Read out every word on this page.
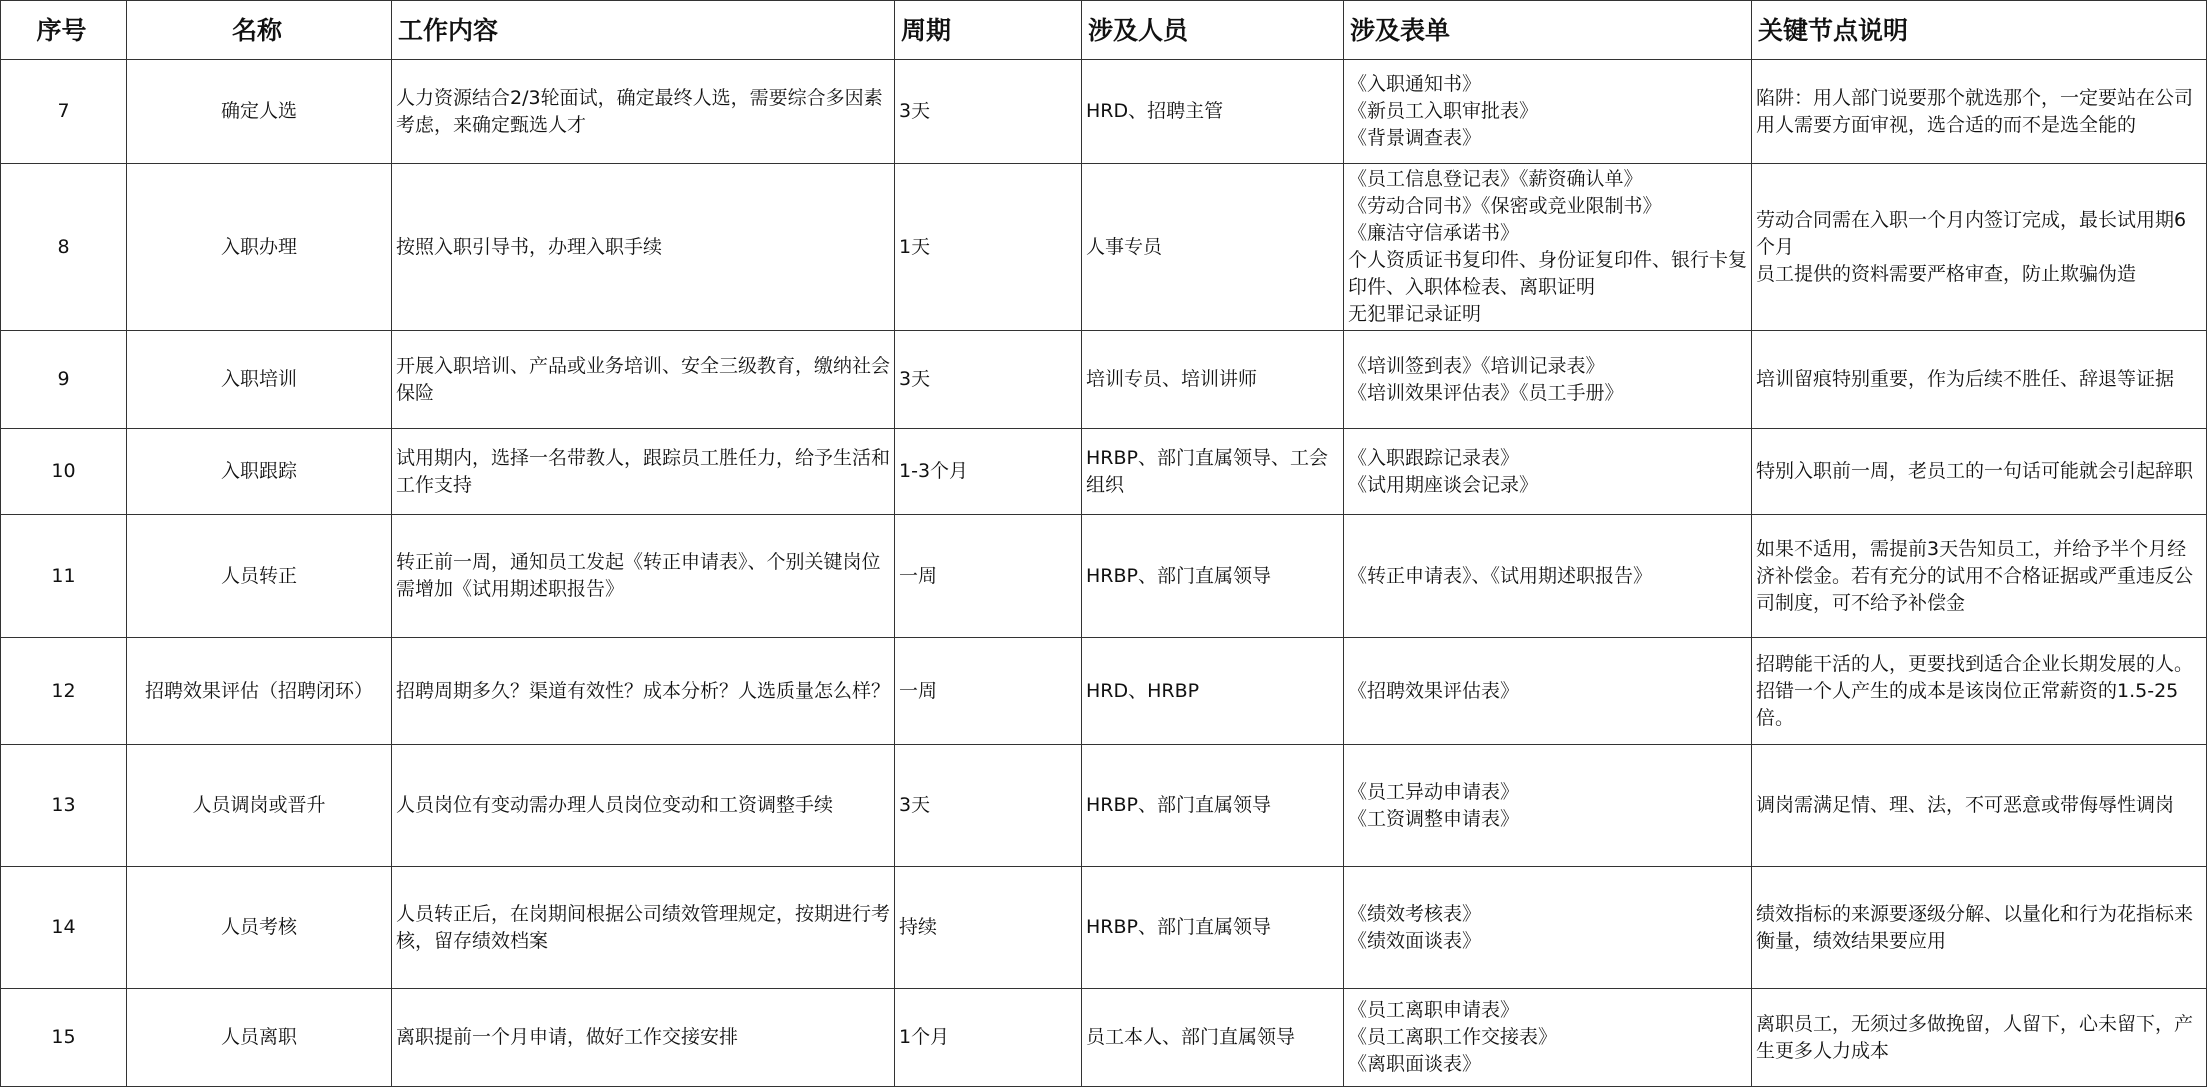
序号	名称	工作内容	周期	涉及人员	涉及表单	关键节点说明
7	确定人选	人力资源结合2/3轮面试，确定最终人选，需要综合多因素考虑，来确定甄选人才	3天	HRD、招聘主管	《入职通知书》
《新员工入职审批表》
《背景调查表》	陷阱：用人部门说要那个就选那个，一定要站在公司用人需要方面审视，选合适的而不是选全能的
8	入职办理	按照入职引导书，办理入职手续	1天	人事专员	《员工信息登记表》《薪资确认单》
《劳动合同书》《保密或竞业限制书》
《廉洁守信承诺书》
个人资质证书复印件、身份证复印件、银行卡复印件、入职体检表、离职证明
无犯罪记录证明	劳动合同需在入职一个月内签订完成，最长试用期6个月
员工提供的资料需要严格审查，防止欺骗伪造
9	入职培训	开展入职培训、产品或业务培训、安全三级教育，缴纳社会保险	3天	培训专员、培训讲师	《培训签到表》《培训记录表》
《培训效果评估表》《员工手册》	培训留痕特别重要，作为后续不胜任、辞退等证据
10	入职跟踪	试用期内，选择一名带教人，跟踪员工胜任力，给予生活和工作支持	1-3个月	HRBP、部门直属领导、工会组织	《入职跟踪记录表》
《试用期座谈会记录》	特别入职前一周，老员工的一句话可能就会引起辞职
11	人员转正	转正前一周，通知员工发起《转正申请表》、个别关键岗位需增加《试用期述职报告》	一周	HRBP、部门直属领导	《转正申请表》、《试用期述职报告》	如果不适用，需提前3天告知员工，并给予半个月经济补偿金。若有充分的试用不合格证据或严重违反公司制度，可不给予补偿金
12	招聘效果评估（招聘闭环）	招聘周期多久？渠道有效性？成本分析？人选质量怎么样？	一周	HRD、HRBP	《招聘效果评估表》	招聘能干活的人，更要找到适合企业长期发展的人。招错一个人产生的成本是该岗位正常薪资的1.5-25倍。
13	人员调岗或晋升	人员岗位有变动需办理人员岗位变动和工资调整手续	3天	HRBP、部门直属领导	《员工异动申请表》
《工资调整申请表》	调岗需满足情、理、法，不可恶意或带侮辱性调岗
14	人员考核	人员转正后，在岗期间根据公司绩效管理规定，按期进行考核，留存绩效档案	持续	HRBP、部门直属领导	《绩效考核表》
《绩效面谈表》	绩效指标的来源要逐级分解、以量化和行为花指标来衡量，绩效结果要应用
15	人员离职	离职提前一个月申请，做好工作交接安排	1个月	员工本人、部门直属领导	《员工离职申请表》
《员工离职工作交接表》
《离职面谈表》	离职员工，无须过多做挽留，人留下，心未留下，产生更多人力成本
